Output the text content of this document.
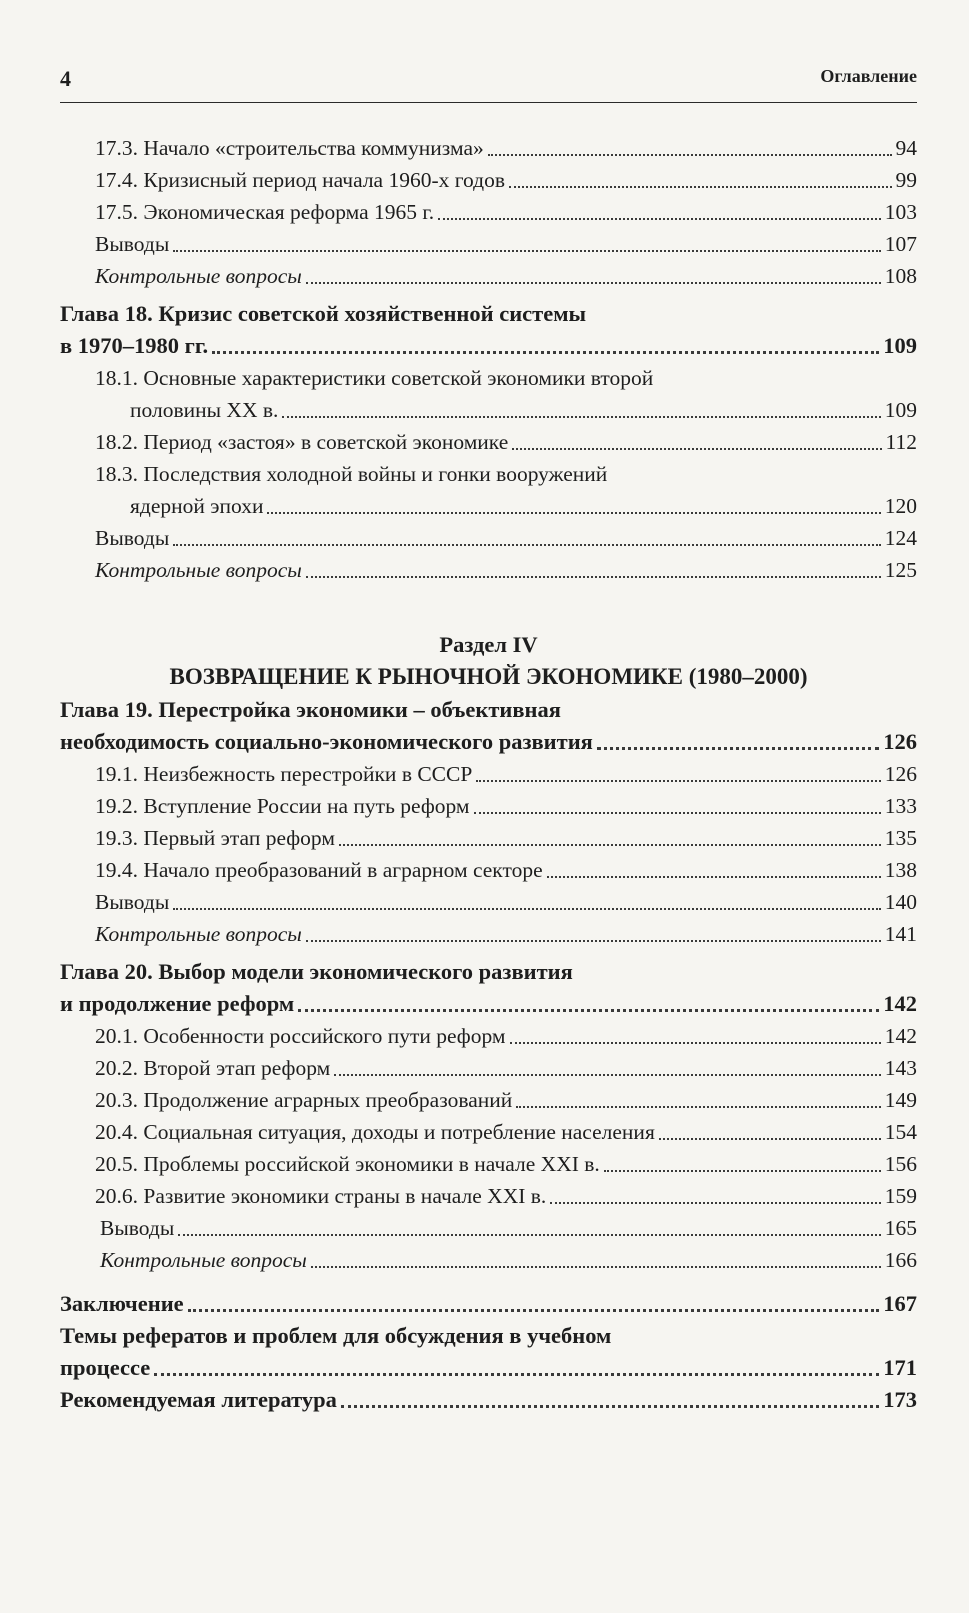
4	Оглавление
17.3. Начало «строительства коммунизма»	94
17.4. Кризисный период начала 1960-х годов	99
17.5. Экономическая реформа 1965 г.	103
Выводы	107
Контрольные вопросы	108
Глава 18. Кризис советской хозяйственной системы
в 1970–1980 гг.	109
18.1. Основные характеристики советской экономики второй
половины XX в.	109
18.2. Период «застоя» в советской экономике	112
18.3. Последствия холодной войны и гонки вооружений
ядерной эпохи	120
Выводы	124
Контрольные вопросы	125
Раздел IV
ВОЗВРАЩЕНИЕ К РЫНОЧНОЙ ЭКОНОМИКЕ (1980–2000)
Глава 19. Перестройка экономики – объективная
необходимость социально-экономического развития	126
19.1. Неизбежность перестройки в СССР	126
19.2. Вступление России на путь реформ	133
19.3. Первый этап реформ	135
19.4. Начало преобразований в аграрном секторе	138
Выводы	140
Контрольные вопросы	141
Глава 20. Выбор модели экономического развития
и продолжение реформ	142
20.1. Особенности российского пути реформ	142
20.2. Второй этап реформ	143
20.3. Продолжение аграрных преобразований	149
20.4. Социальная ситуация, доходы и потребление населения	154
20.5. Проблемы российской экономики в начале XXI в.	156
20.6. Развитие экономики страны в начале XXI в.	159
Выводы	165
Контрольные вопросы	166
Заключение	167
Темы рефератов и проблем для обсуждения в учебном
процессе	171
Рекомендуемая литература	173
